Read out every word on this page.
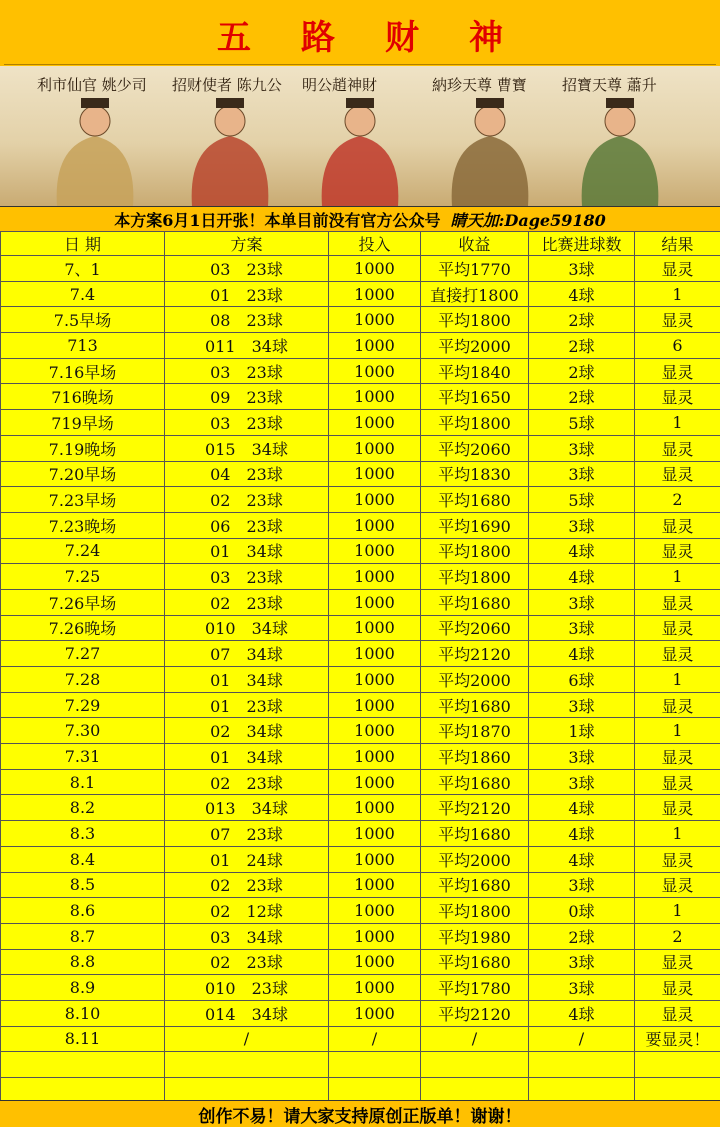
五路财神
利市仙官 姚少司 招财使者 陈九公 明公趙神財	納珍天尊 曹寶 招寶天尊 蕭升
本方案6月1日开张！本单目前没有官方公众号 睛天加:Dage59180
日 期	方案	投入	收益	比赛进球数	结果
7、1	03　23球	1000	平均1770	3球	显灵
7.4	01　23球	1000	直接打1800	4球	1
7.5早场	08　23球	1000	平均1800	2球	显灵
713	011　34球	1000	平均2000	2球	6
7.16早场	03　23球	1000	平均1840	2球	显灵
716晚场	09　23球	1000	平均1650	2球	显灵
719早场	03　23球	1000	平均1800	5球	1
7.19晚场	015　34球	1000	平均2060	3球	显灵
7.20早场	04　23球	1000	平均1830	3球	显灵
7.23早场	02　23球	1000	平均1680	5球	2
7.23晚场	06　23球	1000	平均1690	3球	显灵
7.24	01　34球	1000	平均1800	4球	显灵
7.25	03　23球	1000	平均1800	4球	1
7.26早场	02　23球	1000	平均1680	3球	显灵
7.26晚场	010　34球	1000	平均2060	3球	显灵
7.27	07　34球	1000	平均2120	4球	显灵
7.28	01　34球	1000	平均2000	6球	1
7.29	01　23球	1000	平均1680	3球	显灵
7.30	02　34球	1000	平均1870	1球	1
7.31	01　34球	1000	平均1860	3球	显灵
8.1	02　23球	1000	平均1680	3球	显灵
8.2	013　34球	1000	平均2120	4球	显灵
8.3	07　23球	1000	平均1680	4球	1
8.4	01　24球	1000	平均2000	4球	显灵
8.5	02　23球	1000	平均1680	3球	显灵
8.6	02　12球	1000	平均1800	0球	1
8.7	03　34球	1000	平均1980	2球	2
8.8	02　23球	1000	平均1680	3球	显灵
8.9	010　23球	1000	平均1780	3球	显灵
8.10	014　34球	1000	平均2120	4球	显灵
8.11	/	/	/	/	要显灵！

创作不易！请大家支持原创正版单！谢谢！
